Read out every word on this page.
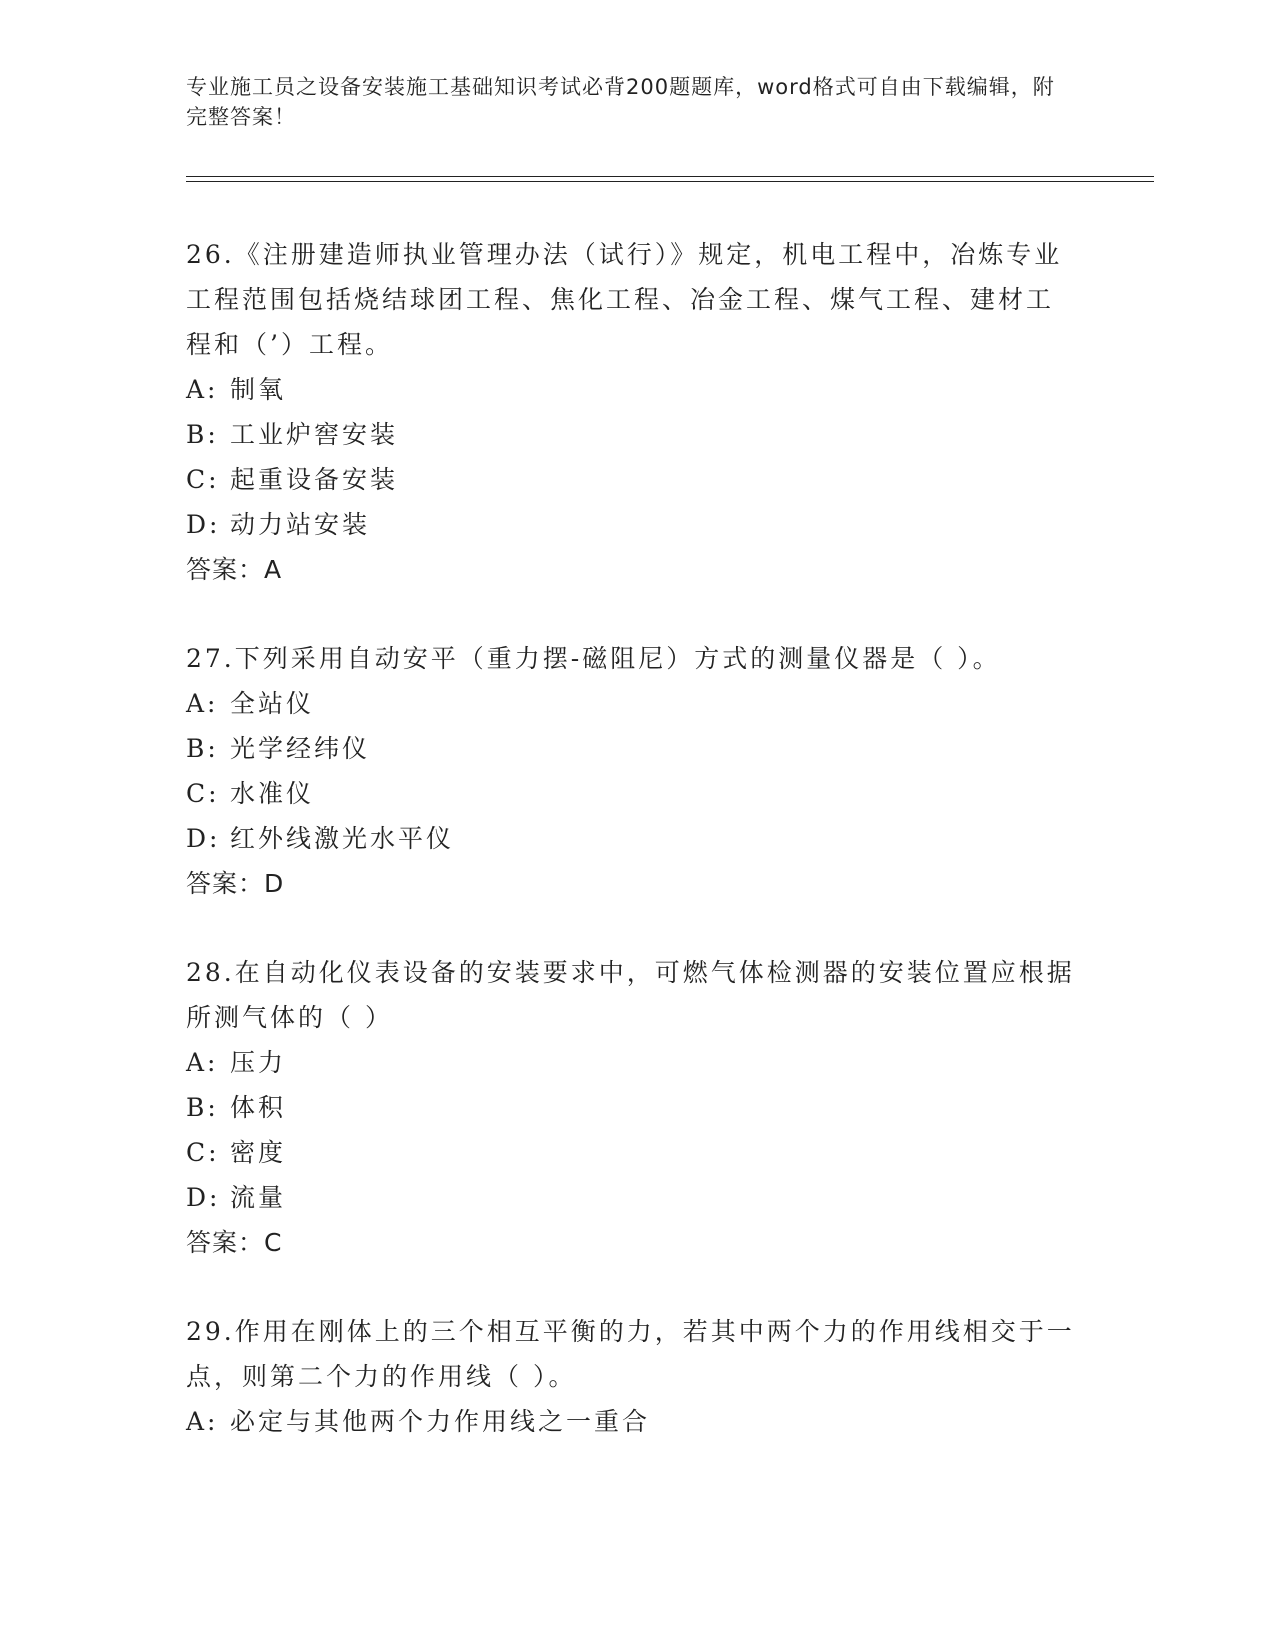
专业施工员之设备安装施工基础知识考试必背200题题库，word格式可自由下载编辑，附完整答案！
26.《注册建造师执业管理办法（试行）》规定，机电工程中，冶炼专业工程范围包括烧结球团工程、焦化工程、冶金工程、煤气工程、建材工程和（’）工程。
A: 制氧
B: 工业炉窖安装
C: 起重设备安装
D: 动力站安装
答案：A
27.下列采用自动安平（重力摆-磁阻尼）方式的测量仪器是（ ）。
A: 全站仪
B: 光学经纬仪
C: 水准仪
D: 红外线激光水平仪
答案：D
28.在自动化仪表设备的安装要求中，可燃气体检测器的安装位置应根据所测气体的（ ）
A: 压力
B: 体积
C: 密度
D: 流量
答案：C
29.作用在刚体上的三个相互平衡的力，若其中两个力的作用线相交于一点，则第二个力的作用线（ ）。
A: 必定与其他两个力作用线之一重合
